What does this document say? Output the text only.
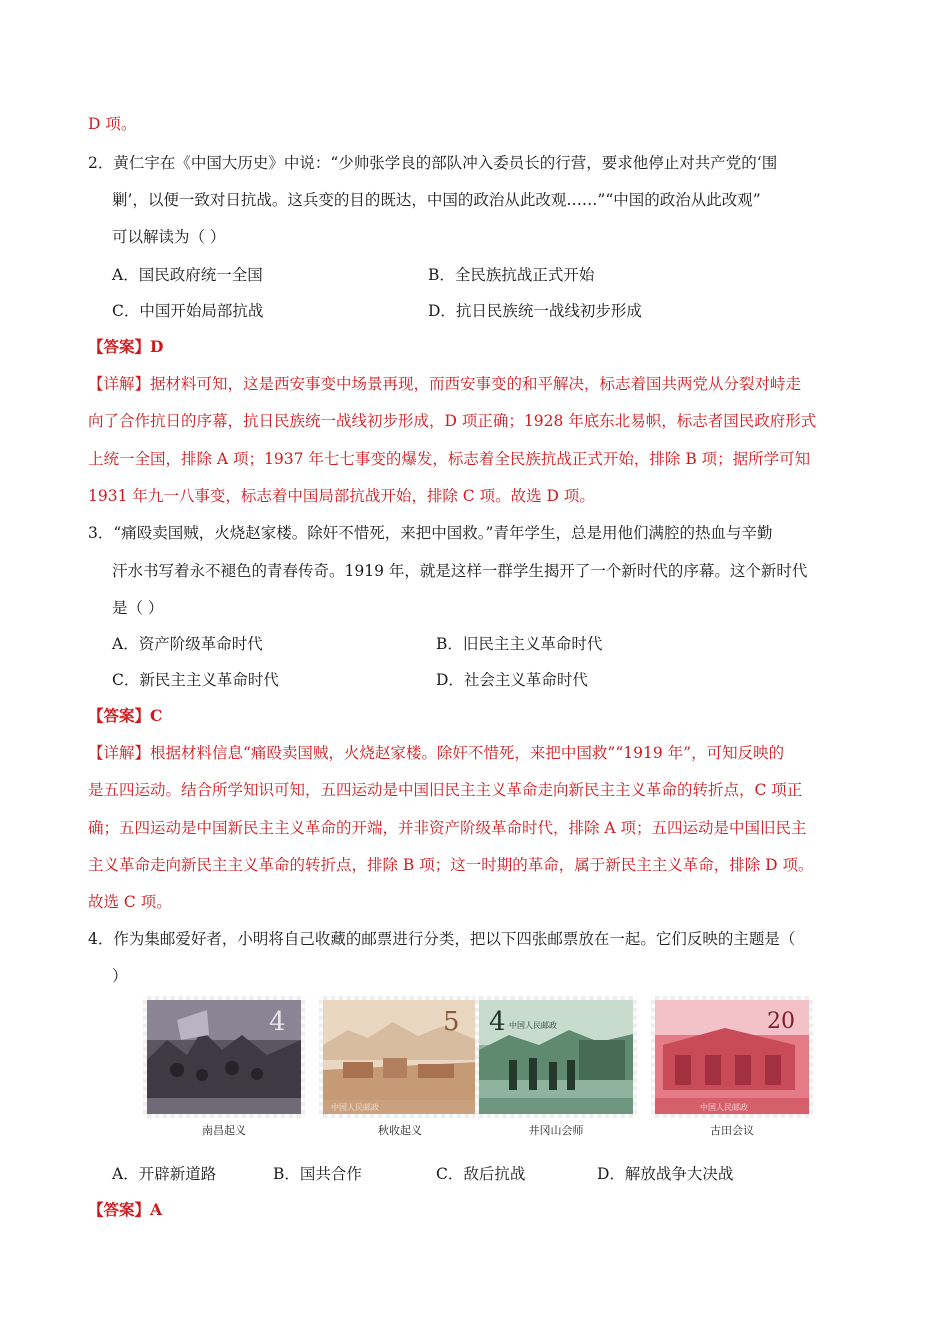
D 项。
2．黄仁宇在《中国大历史》中说：“少帅张学良的部队冲入委员长的行营，要求他停止对共产党的‘围
剿’，以便一致对日抗战。这兵变的目的既达，中国的政治从此改观……”“中国的政治从此改观”
可以解读为（ ）
A．国民政府统一全国	B．全民族抗战正式开始
C．中国开始局部抗战	D．抗日民族统一战线初步形成
【答案】D
【详解】据材料可知，这是西安事变中场景再现，而西安事变的和平解决，标志着国共两党从分裂对峙走
向了合作抗日的序幕，抗日民族统一战线初步形成，D 项正确；1928 年底东北易帜，标志者国民政府形式
上统一全国，排除 A 项；1937 年七七事变的爆发，标志着全民族抗战正式开始，排除 B 项；据所学可知
1931 年九一八事变，标志着中国局部抗战开始，排除 C 项。故选 D 项。
3．“痛殴卖国贼，火烧赵家楼。除奸不惜死，来把中国救。”青年学生，总是用他们满腔的热血与辛勤
汗水书写着永不褪色的青春传奇。1919 年，就是这样一群学生揭开了一个新时代的序幕。这个新时代
是（ ）
A．资产阶级革命时代	B．旧民主主义革命时代
C．新民主主义革命时代	D．社会主义革命时代
【答案】C
【详解】根据材料信息“痛殴卖国贼，火烧赵家楼。除奸不惜死，来把中国救”“1919 年”，可知反映的
是五四运动。结合所学知识可知，五四运动是中国旧民主主义革命走向新民主主义革命的转折点，C 项正
确；五四运动是中国新民主主义革命的开端，并非资产阶级革命时代，排除 A 项；五四运动是中国旧民主
主义革命走向新民主主义革命的转折点，排除 B 项；这一时期的革命，属于新民主主义革命，排除 D 项。
故选 C 项。
4．作为集邮爱好者，小明将自己收藏的邮票进行分类，把以下四张邮票放在一起。它们反映的主题是（
）
4
中国人民邮政
5 4 中国人民邮政
中国人民邮政
20
南昌起义	秋收起义	井冈山会师	古田会议
A．开辟新道路	B．国共合作	C．敌后抗战	D．解放战争大决战
【答案】A
